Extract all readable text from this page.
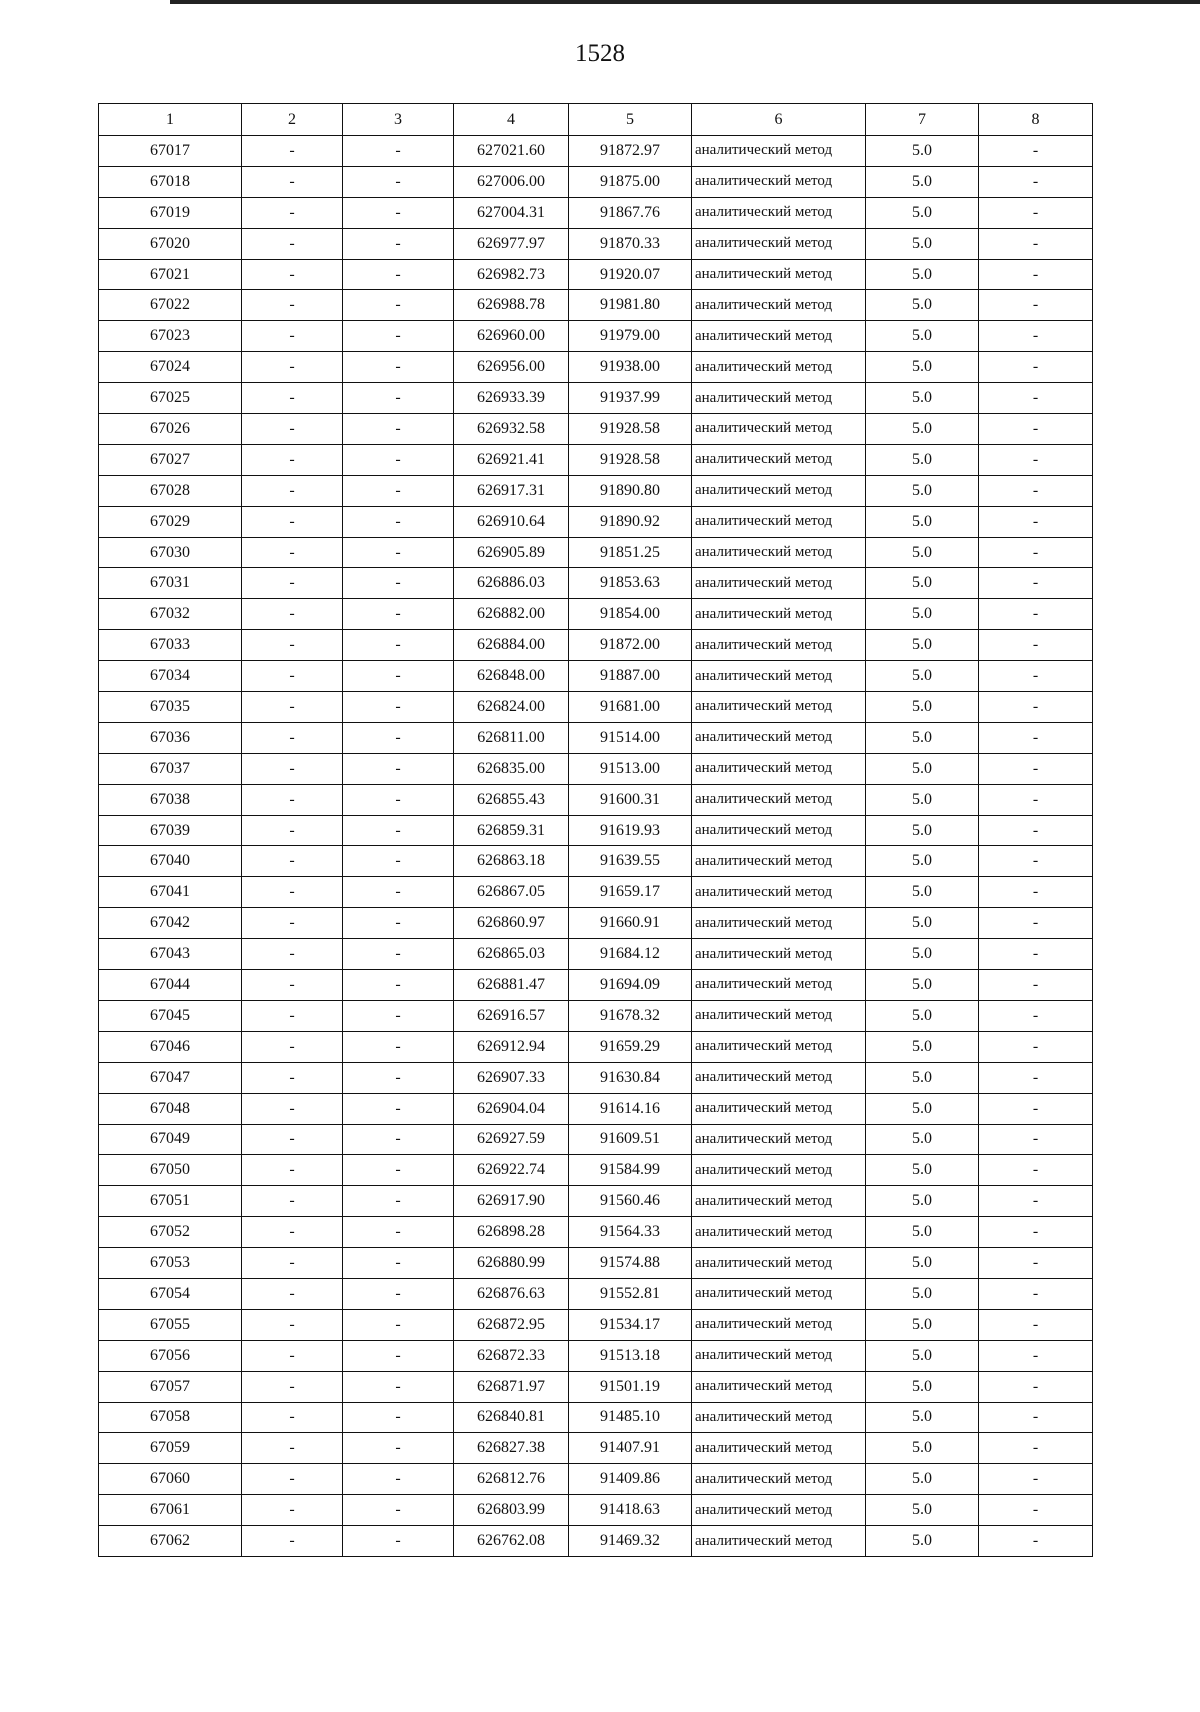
1528
1	2	3	4	5	6	7	8
67017	-	-	627021.60	91872.97	аналитический метод	5.0	-
67018	-	-	627006.00	91875.00	аналитический метод	5.0	-
67019	-	-	627004.31	91867.76	аналитический метод	5.0	-
67020	-	-	626977.97	91870.33	аналитический метод	5.0	-
67021	-	-	626982.73	91920.07	аналитический метод	5.0	-
67022	-	-	626988.78	91981.80	аналитический метод	5.0	-
67023	-	-	626960.00	91979.00	аналитический метод	5.0	-
67024	-	-	626956.00	91938.00	аналитический метод	5.0	-
67025	-	-	626933.39	91937.99	аналитический метод	5.0	-
67026	-	-	626932.58	91928.58	аналитический метод	5.0	-
67027	-	-	626921.41	91928.58	аналитический метод	5.0	-
67028	-	-	626917.31	91890.80	аналитический метод	5.0	-
67029	-	-	626910.64	91890.92	аналитический метод	5.0	-
67030	-	-	626905.89	91851.25	аналитический метод	5.0	-
67031	-	-	626886.03	91853.63	аналитический метод	5.0	-
67032	-	-	626882.00	91854.00	аналитический метод	5.0	-
67033	-	-	626884.00	91872.00	аналитический метод	5.0	-
67034	-	-	626848.00	91887.00	аналитический метод	5.0	-
67035	-	-	626824.00	91681.00	аналитический метод	5.0	-
67036	-	-	626811.00	91514.00	аналитический метод	5.0	-
67037	-	-	626835.00	91513.00	аналитический метод	5.0	-
67038	-	-	626855.43	91600.31	аналитический метод	5.0	-
67039	-	-	626859.31	91619.93	аналитический метод	5.0	-
67040	-	-	626863.18	91639.55	аналитический метод	5.0	-
67041	-	-	626867.05	91659.17	аналитический метод	5.0	-
67042	-	-	626860.97	91660.91	аналитический метод	5.0	-
67043	-	-	626865.03	91684.12	аналитический метод	5.0	-
67044	-	-	626881.47	91694.09	аналитический метод	5.0	-
67045	-	-	626916.57	91678.32	аналитический метод	5.0	-
67046	-	-	626912.94	91659.29	аналитический метод	5.0	-
67047	-	-	626907.33	91630.84	аналитический метод	5.0	-
67048	-	-	626904.04	91614.16	аналитический метод	5.0	-
67049	-	-	626927.59	91609.51	аналитический метод	5.0	-
67050	-	-	626922.74	91584.99	аналитический метод	5.0	-
67051	-	-	626917.90	91560.46	аналитический метод	5.0	-
67052	-	-	626898.28	91564.33	аналитический метод	5.0	-
67053	-	-	626880.99	91574.88	аналитический метод	5.0	-
67054	-	-	626876.63	91552.81	аналитический метод	5.0	-
67055	-	-	626872.95	91534.17	аналитический метод	5.0	-
67056	-	-	626872.33	91513.18	аналитический метод	5.0	-
67057	-	-	626871.97	91501.19	аналитический метод	5.0	-
67058	-	-	626840.81	91485.10	аналитический метод	5.0	-
67059	-	-	626827.38	91407.91	аналитический метод	5.0	-
67060	-	-	626812.76	91409.86	аналитический метод	5.0	-
67061	-	-	626803.99	91418.63	аналитический метод	5.0	-
67062	-	-	626762.08	91469.32	аналитический метод	5.0	-
